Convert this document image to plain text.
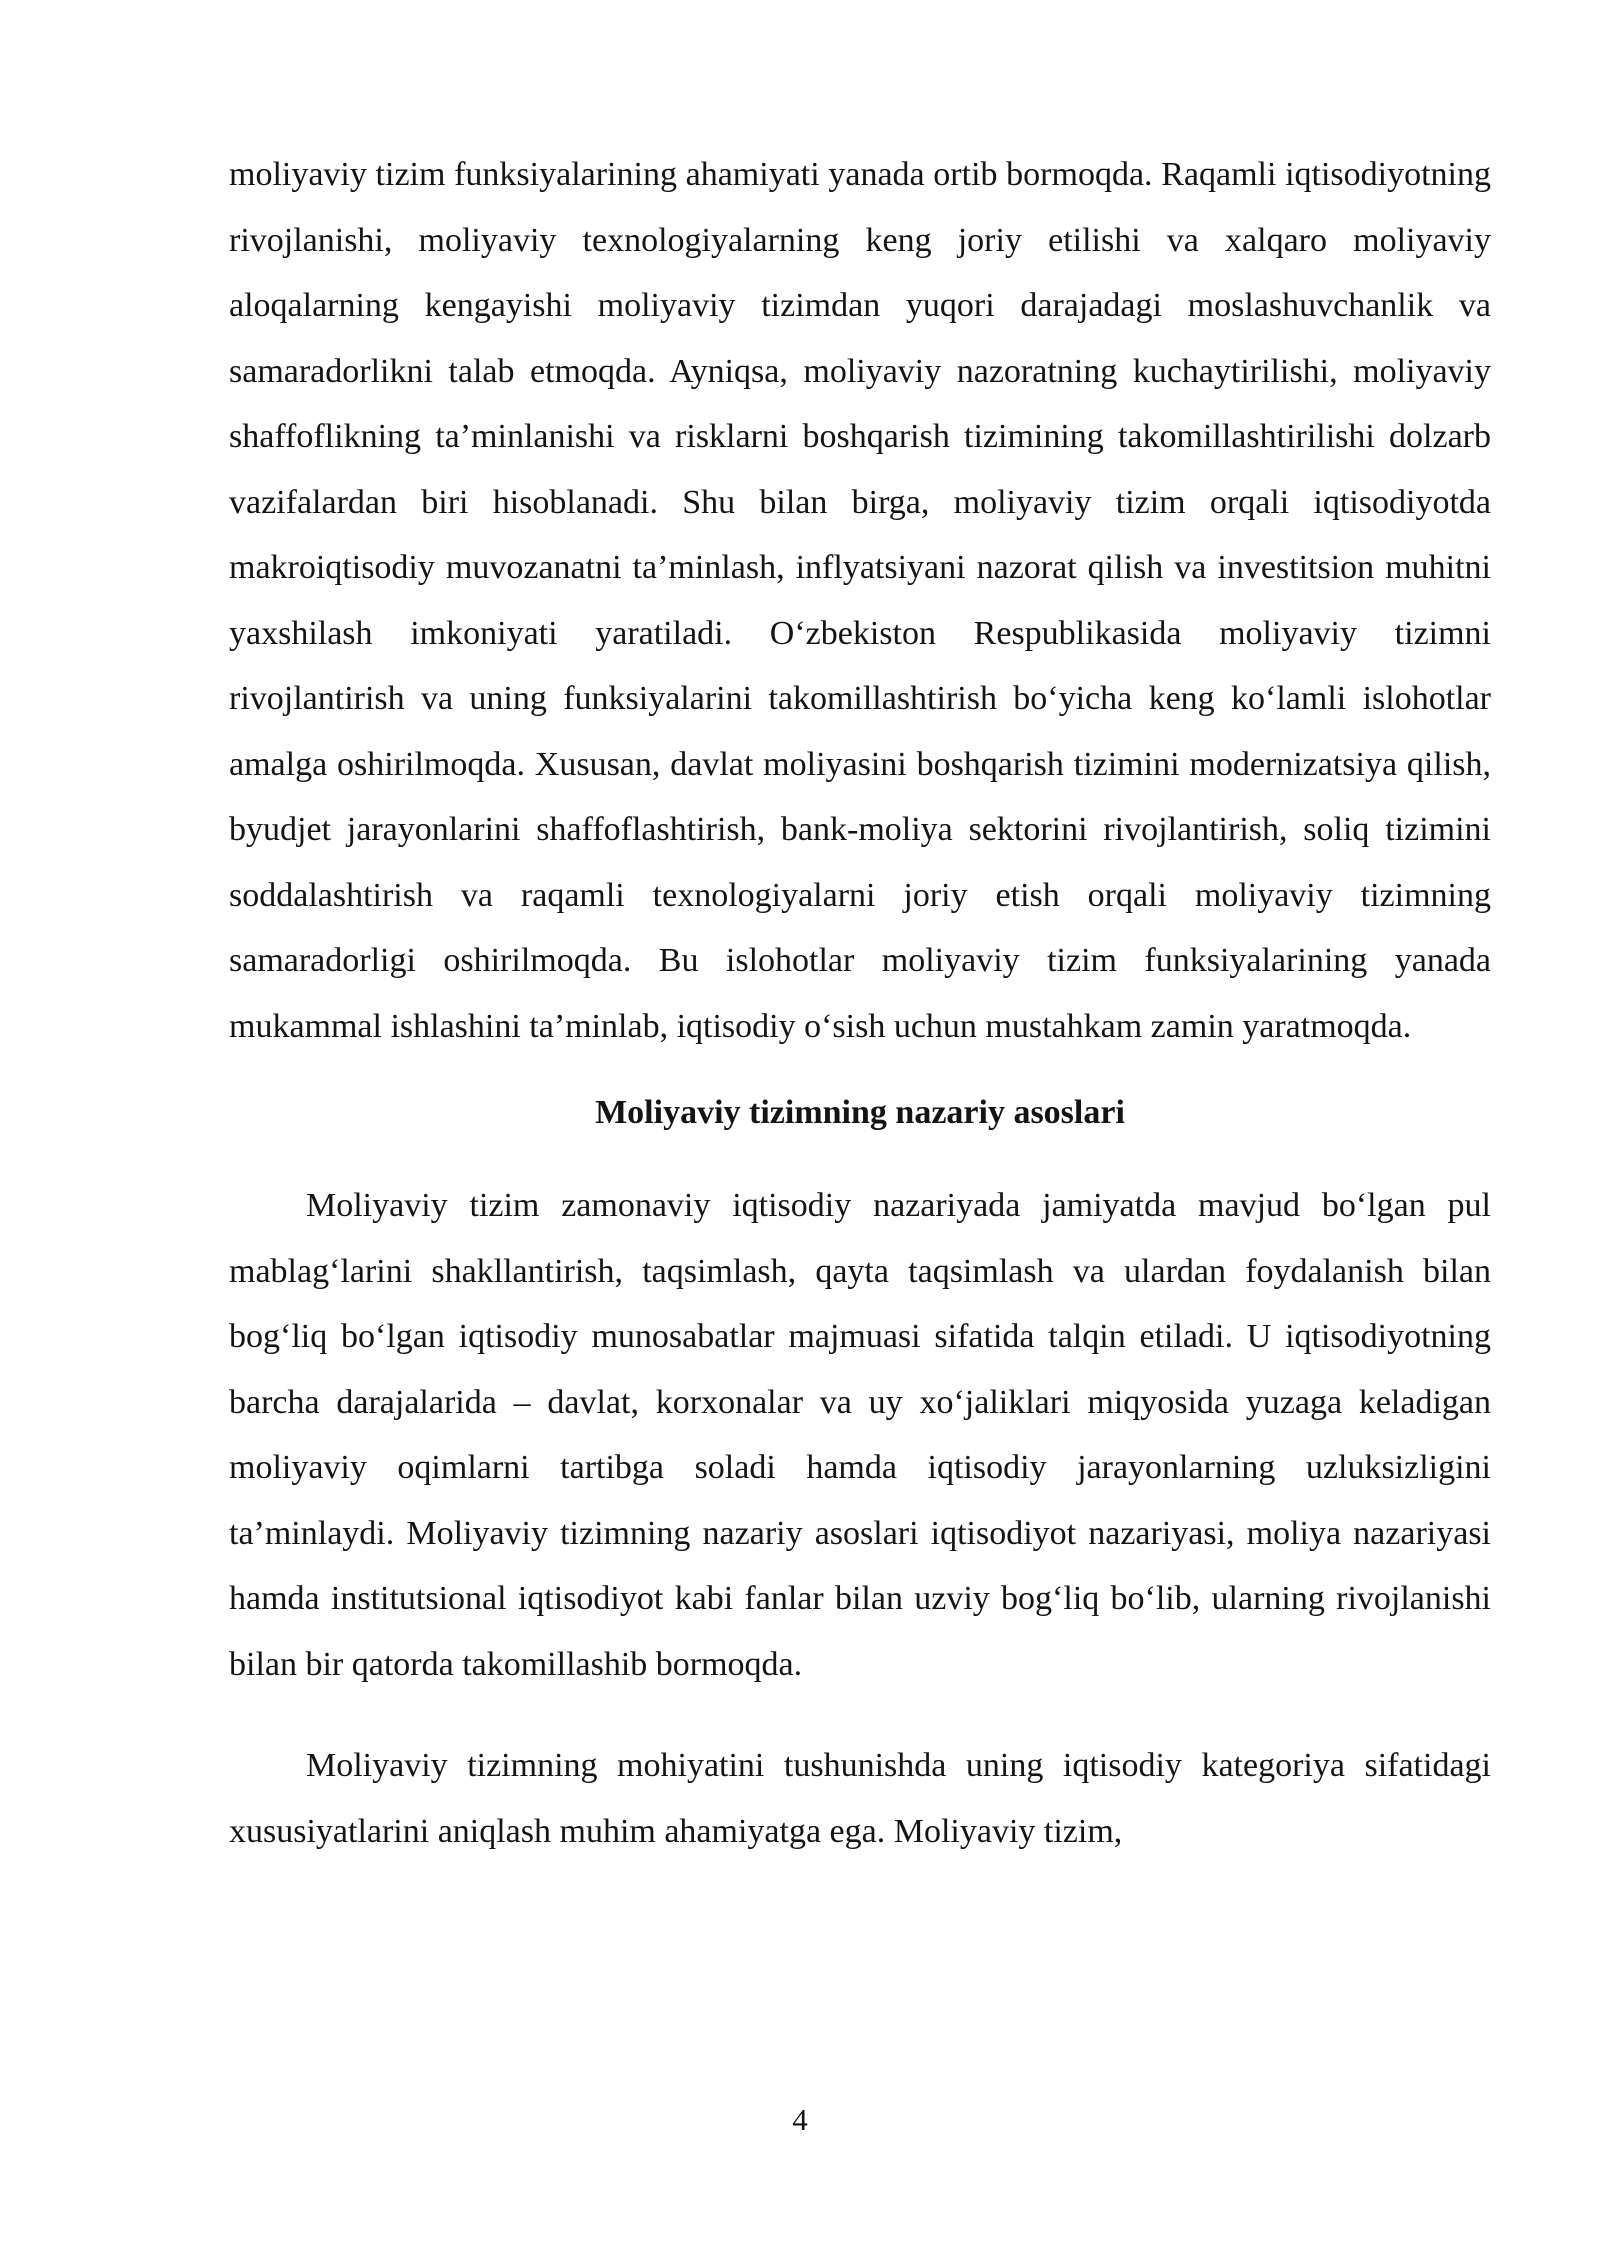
moliyaviy tizim funksiyalarining ahamiyati yanada ortib bormoqda. Raqamli iqtisodiyotning rivojlanishi, moliyaviy texnologiyalarning keng joriy etilishi va xalqaro moliyaviy aloqalarning kengayishi moliyaviy tizimdan yuqori darajadagi moslashuvchanlik va samaradorlikni talab etmoqda. Ayniqsa, moliyaviy nazoratning kuchaytirilishi, moliyaviy shaffoflikning ta’minlanishi va risklarni boshqarish tizimining takomillashtirilishi dolzarb vazifalardan biri hisoblanadi. Shu bilan birga, moliyaviy tizim orqali iqtisodiyotda makroiqtisodiy muvozanatni ta’minlash, inflyatsiyani nazorat qilish va investitsion muhitni yaxshilash imkoniyati yaratiladi. O‘zbekiston Respublikasida moliyaviy tizimni rivojlantirish va uning funksiyalarini takomillashtirish bo‘yicha keng ko‘lamli islohotlar amalga oshirilmoqda. Xususan, davlat moliyasini boshqarish tizimini modernizatsiya qilish, byudjet jarayonlarini shaffoflashtirish, bank-moliya sektorini rivojlantirish, soliq tizimini soddalashtirish va raqamli texnologiyalarni joriy etish orqali moliyaviy tizimning samaradorligi oshirilmoqda. Bu islohotlar moliyaviy tizim funksiyalarining yanada mukammal ishlashini ta’minlab, iqtisodiy o‘sish uchun mustahkam zamin yaratmoqda.

Moliyaviy tizimning nazariy asoslari

Moliyaviy tizim zamonaviy iqtisodiy nazariyada jamiyatda mavjud bo‘lgan pul mablag‘larini shakllantirish, taqsimlash, qayta taqsimlash va ulardan foydalanish bilan bog‘liq bo‘lgan iqtisodiy munosabatlar majmuasi sifatida talqin etiladi. U iqtisodiyotning barcha darajalarida – davlat, korxonalar va uy xo‘jaliklari miqyosida yuzaga keladigan moliyaviy oqimlarni tartibga soladi hamda iqtisodiy jarayonlarning uzluksizligini ta’minlaydi. Moliyaviy tizimning nazariy asoslari iqtisodiyot nazariyasi, moliya nazariyasi hamda institutsional iqtisodiyot kabi fanlar bilan uzviy bog‘liq bo‘lib, ularning rivojlanishi bilan bir qatorda takomillashib bormoqda.

Moliyaviy tizimning mohiyatini tushunishda uning iqtisodiy kategoriya sifatidagi xususiyatlarini aniqlash muhim ahamiyatga ega. Moliyaviy tizim,

4
